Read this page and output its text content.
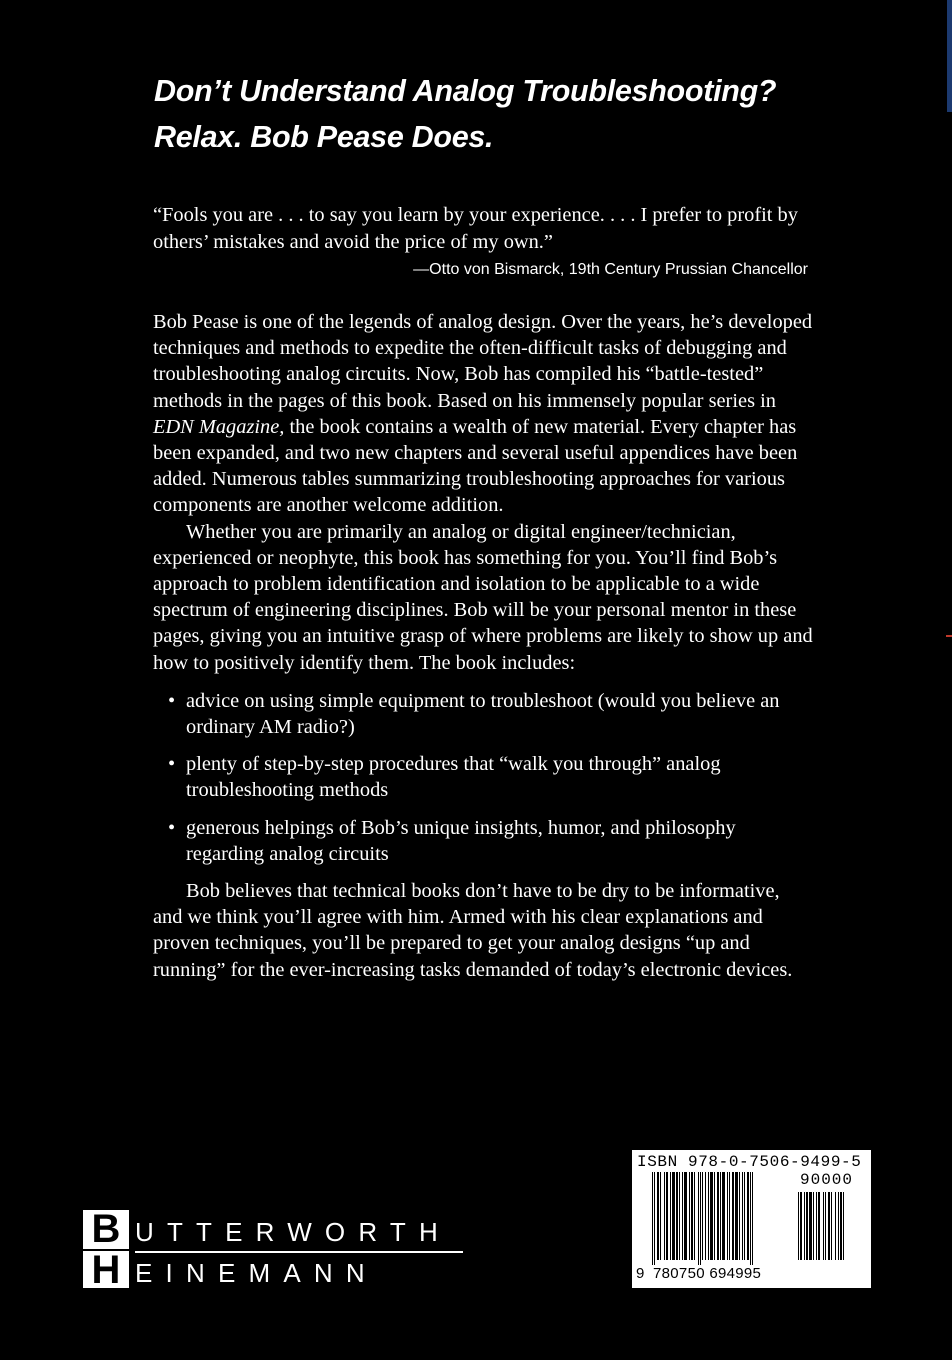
Don’t Understand Analog Troubleshooting?
Relax. Bob Pease Does.

“Fools you are . . . to say you learn by your experience. . . . I prefer to profit by others’ mistakes and avoid the price of my own.”

—Otto von Bismarck, 19th Century Prussian Chancellor

Bob Pease is one of the legends of analog design. Over the years, he’s developed techniques and methods to expedite the often-difficult tasks of debugging and troubleshooting analog circuits. Now, Bob has compiled his “battle-tested” methods in the pages of this book. Based on his immensely popular series in EDN Magazine, the book contains a wealth of new material. Every chapter has been expanded, and two new chapters and several useful appendices have been added. Numerous tables summarizing troubleshooting approaches for various components are another welcome addition.

Whether you are primarily an analog or digital engineer/technician, experienced or neophyte, this book has something for you. You’ll find Bob’s approach to problem identification and isolation to be applicable to a wide spectrum of engineering disciplines. Bob will be your personal mentor in these pages, giving you an intuitive grasp of where problems are likely to show up and how to positively identify them. The book includes:

• advice on using simple equipment to troubleshoot (would you believe an ordinary AM radio?)
• plenty of step-by-step procedures that “walk you through” analog troubleshooting methods
• generous helpings of Bob’s unique insights, humor, and philosophy regarding analog circuits

Bob believes that technical books don’t have to be dry to be informative, and we think you’ll agree with him. Armed with his clear explanations and proven techniques, you’ll be prepared to get your analog designs “up and running” for the ever-increasing tasks demanded of today’s electronic devices.

B
H
UTTERWORTH
EINEMANN
ISBN 978-0-7506-9499-5
90000
9 780750 694995
